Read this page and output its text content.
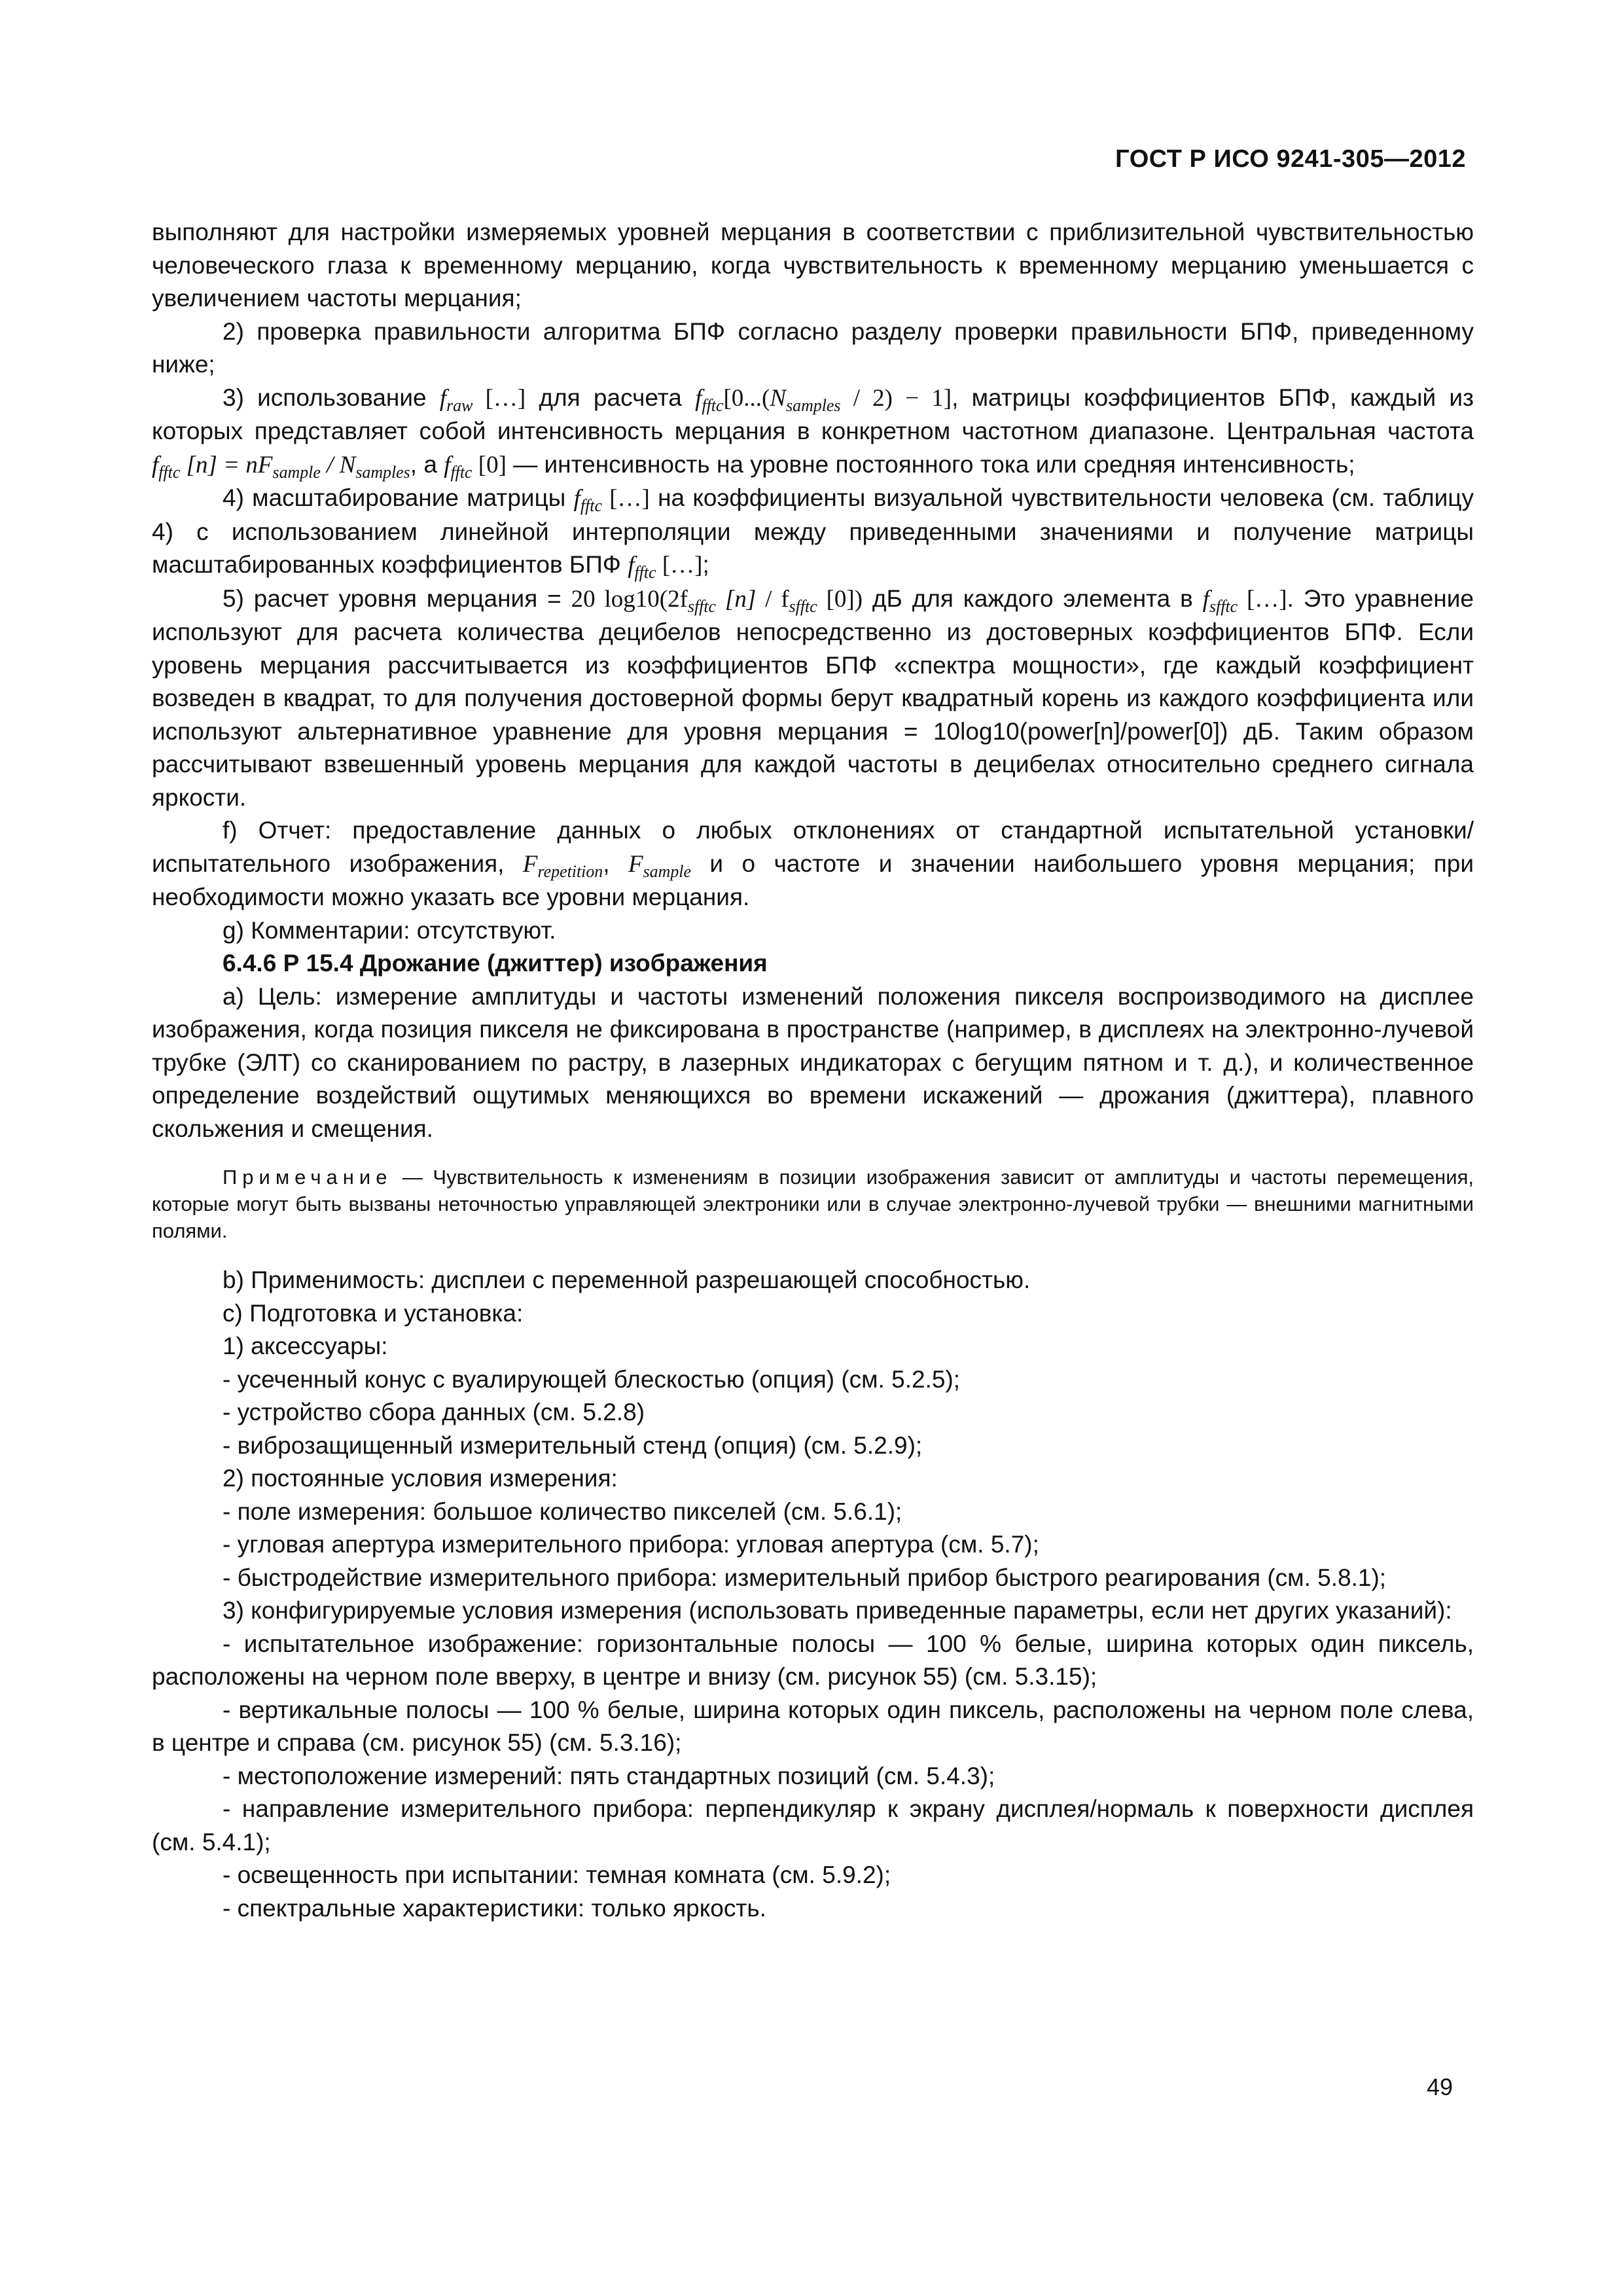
ГОСТ Р ИСО 9241-305—2012

выполняют для настройки измеряемых уровней мерцания в соответствии с приблизительной чувствительностью человеческого глаза к временному мерцанию, когда чувствительность к временному мерцанию уменьшается с увеличением частоты мерцания;

2) проверка правильности алгоритма БПФ согласно разделу проверки правильности БПФ, приведенному ниже;

3) использование $f_{raw}$ […] для расчета $f_{fftc}[0...(N_{samples} / 2) - 1]$, матрицы коэффициентов БПФ, каждый из которых представляет собой интенсивность мерцания в конкретном частотном диапазоне. Центральная частота $f_{fftc}$ $[n] = nF_{sample} / N_{samples}$, а $f_{fftc}$ [0] — интенсивность на уровне постоянного тока или средняя интенсивность;

4) масштабирование матрицы $f_{fftc}$ […] на коэффициенты визуальной чувствительности человека (см. таблицу 4) с использованием линейной интерполяции между приведенными значениями и получение матрицы масштабированных коэффициентов БПФ $f_{fftc}$ […];

5) расчет уровня мерцания = 20 $\log 10(2f_{sfftc}$ $[n] / f_{sfftc}$ [0]) дБ для каждого элемента в $f_{sfftc}$ […]. Это уравнение используют для расчета количества децибелов непосредственно из достоверных коэффициентов БПФ. Если уровень мерцания рассчитывается из коэффициентов БПФ «спектра мощности», где каждый коэффициент возведен в квадрат, то для получения достоверной формы берут квадратный корень из каждого коэффициента или используют альтернативное уравнение для уровня мерцания = 10log10(power[n]/power[0]) дБ. Таким образом рассчитывают взвешенный уровень мерцания для каждой частоты в децибелах относительно среднего сигнала яркости.

f) Отчет: предоставление данных о любых отклонениях от стандартной испытательной установки/испытательного изображения, $F_{repetition}$, $F_{sample}$ и о частоте и значении наибольшего уровня мерцания; при необходимости можно указать все уровни мерцания.

g) Комментарии: отсутствуют.

6.4.6 Р 15.4 Дрожание (джиттер) изображения

а) Цель: измерение амплитуды и частоты изменений положения пикселя воспроизводимого на дисплее изображения, когда позиция пикселя не фиксирована в пространстве (например, в дисплеях на электронно-лучевой трубке (ЭЛТ) со сканированием по растру, в лазерных индикаторах с бегущим пятном и т. д.), и количественное определение воздействий ощутимых меняющихся во времени искажений — дрожания (джиттера), плавного скольжения и смещения.

Примечание — Чувствительность к изменениям в позиции изображения зависит от амплитуды и частоты перемещения, которые могут быть вызваны неточностью управляющей электроники или в случае электронно-лучевой трубки — внешними магнитными полями.

b) Применимость: дисплеи с переменной разрешающей способностью.

c) Подготовка и установка:

1) аксессуары:

- усеченный конус с вуалирующей блескостью (опция) (см. 5.2.5);

- устройство сбора данных (см. 5.2.8)

- виброзащищенный измерительный стенд (опция) (см. 5.2.9);

2) постоянные условия измерения:

- поле измерения: большое количество пикселей (см. 5.6.1);

- угловая апертура измерительного прибора: угловая апертура (см. 5.7);

- быстродействие измерительного прибора: измерительный прибор быстрого реагирования (см. 5.8.1);

3) конфигурируемые условия измерения (использовать приведенные параметры, если нет других указаний):

- испытательное изображение: горизонтальные полосы — 100 % белые, ширина которых один пиксель, расположены на черном поле вверху, в центре и внизу (см. рисунок 55) (см. 5.3.15);

- вертикальные полосы — 100 % белые, ширина которых один пиксель, расположены на черном поле слева, в центре и справа (см. рисунок 55) (см. 5.3.16);

- местоположение измерений: пять стандартных позиций (см. 5.4.3);

- направление измерительного прибора: перпендикуляр к экрану дисплея/нормаль к поверхности дисплея (см. 5.4.1);

- освещенность при испытании: темная комната (см. 5.9.2);

- спектральные характеристики: только яркость.

49
